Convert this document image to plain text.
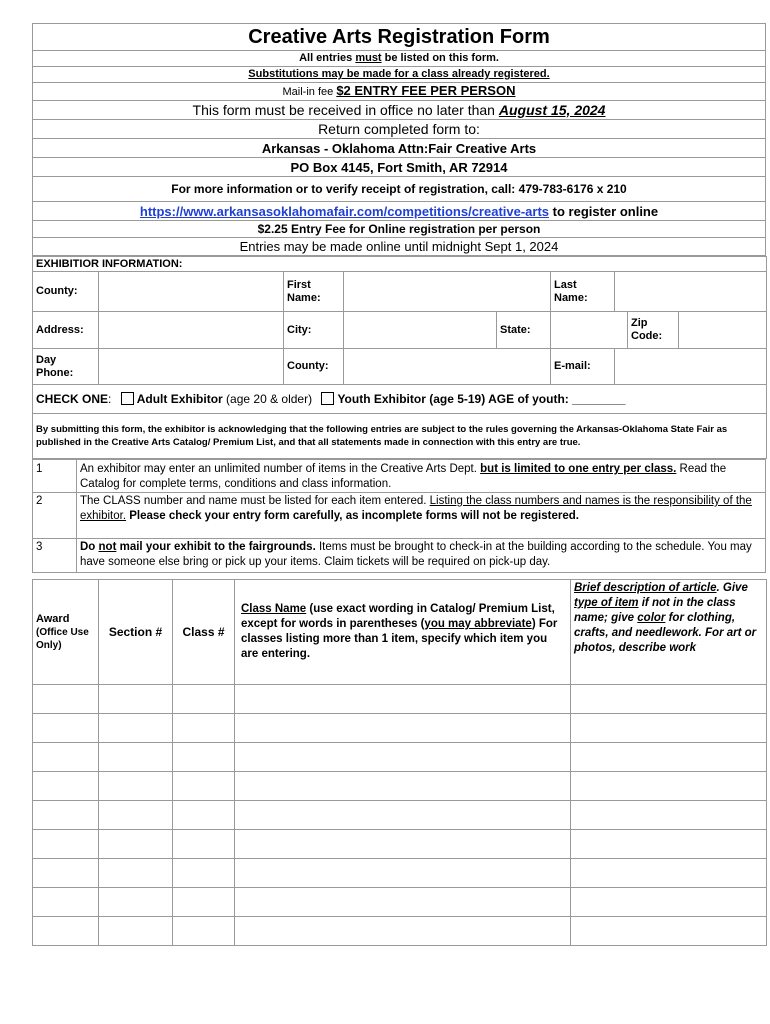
Creative Arts Registration Form
All entries must be listed on this form.
Substitutions may be made for a class already registered.
Mail-in fee $2 ENTRY FEE PER PERSON
This form must be received in office no later than August 15, 2024
Return completed form to:
Arkansas - Oklahoma Attn:Fair Creative Arts
PO Box 4145, Fort Smith, AR 72914
For more information or to verify receipt of registration, call: 479-783-6176 x 210
https://www.arkansasoklahomafair.com/competitions/creative-arts to register online
$2.25 Entry Fee for Online registration per person
Entries may be made online until midnight Sept 1, 2024
EXHIBITIOR INFORMATION:						
County:		First Name:			Last Name:	
Address:		City:		State:	Zip Code:	

Day Phone:		County:			E-mail:	
CHECK ONE: Adult Exhibitor (age 20 & older) Youth Exhibitor (age 5-19) AGE of youth: ________						
By submitting this form, the exhibitor is acknowledging that the following entries are subject to the rules governing the Arkansas-Oklahoma State Fair as published in the Creative Arts Catalog/ Premium List, and that all statements made in connection with this entry are true.						
1	An exhibitor may enter an unlimited number of items in the Creative Arts Dept. but is limited to one entry per class. Read the Catalog for complete terms, conditions and class information.
2	The CLASS number and name must be listed for each item entered. Listing the class numbers and names is the responsibility of the exhibitor. Please check your entry form carefully, as incomplete forms will not be registered.
3	Do not mail your exhibit to the fairgrounds. Items must be brought to check-in at the building according to the schedule. You may have someone else bring or pick up your items. Claim tickets will be required on pick-up day.
Award
(Office Use Only)	Section #	Class #	Class Name (use exact wording in Catalog/ Premium List, except for words in parentheses (you may abbreviate) For classes listing more than 1 item, specify which item you are entering.	Brief description of article. Give type of item if not in the class name; give color for clothing, crafts, and needlework. For art or photos, describe work
